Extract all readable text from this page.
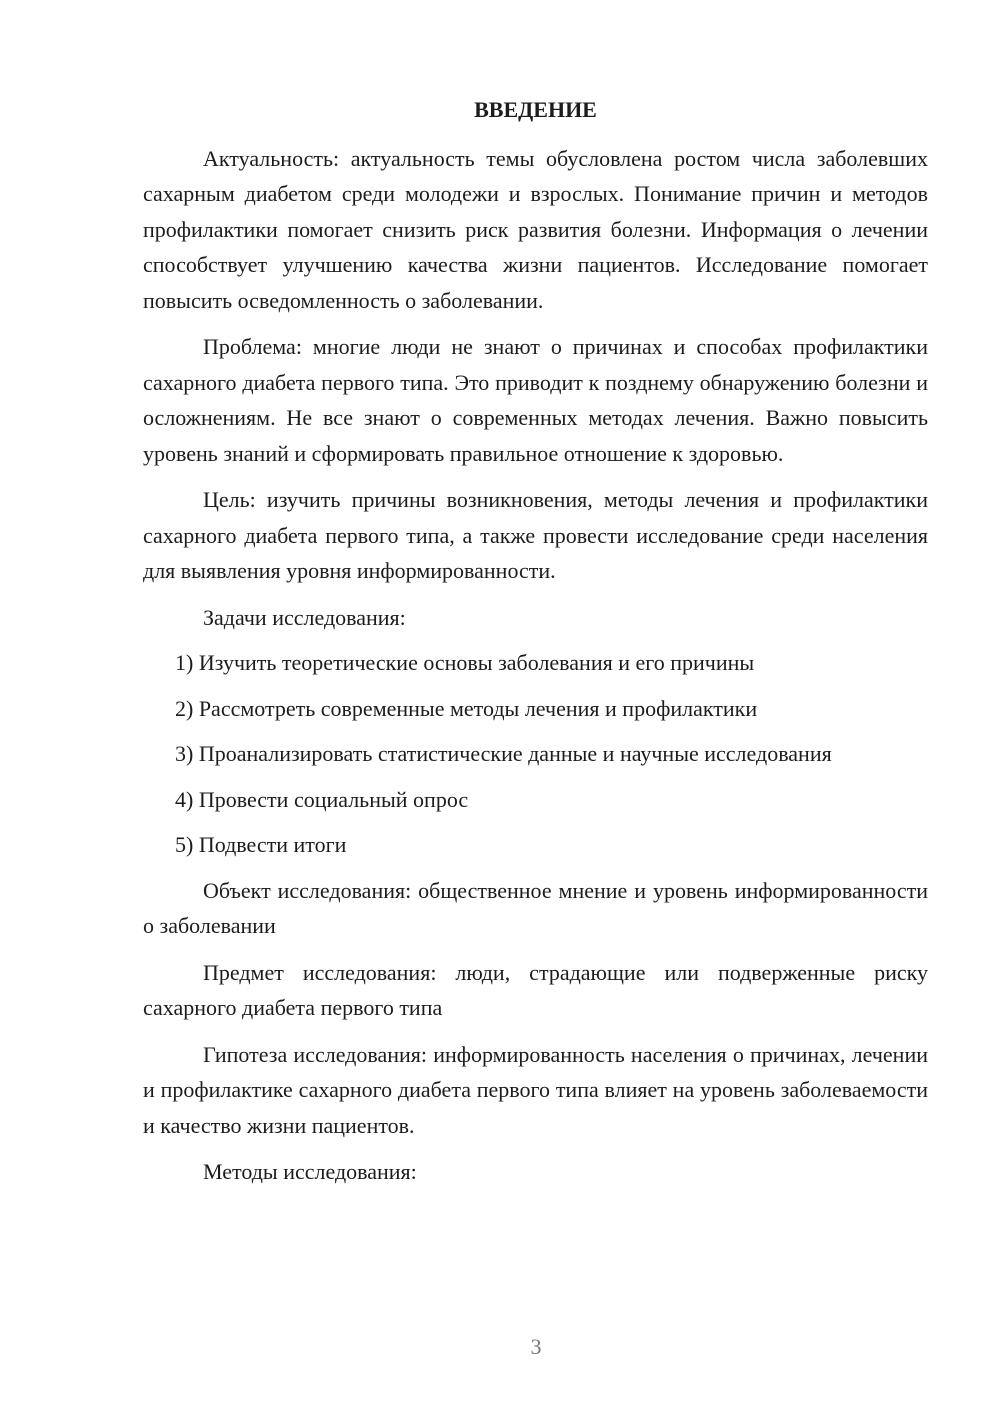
ВВЕДЕНИЕ

Актуальность: актуальность темы обусловлена ростом числа заболевших сахарным диабетом среди молодежи и взрослых. Понимание причин и методов профилактики помогает снизить риск развития болезни. Информация о лечении способствует улучшению качества жизни пациентов. Исследование помогает повысить осведомленность о заболевании.

Проблема: многие люди не знают о причинах и способах профилактики сахарного диабета первого типа. Это приводит к позднему обнаружению болезни и осложнениям. Не все знают о современных методах лечения. Важно повысить уровень знаний и сформировать правильное отношение к здоровью.

Цель: изучить причины возникновения, методы лечения и профилактики сахарного диабета первого типа, а также провести исследование среди населения для выявления уровня информированности.

Задачи исследования:

1) Изучить теоретические основы заболевания и его причины

2) Рассмотреть современные методы лечения и профилактики

3) Проанализировать статистические данные и научные исследования

4) Провести социальный опрос

5) Подвести итоги

Объект исследования: общественное мнение и уровень информированности о заболевании

Предмет исследования: люди, страдающие или подверженные риску сахарного диабета первого типа

Гипотеза исследования: информированность населения о причинах, лечении и профилактике сахарного диабета первого типа влияет на уровень заболеваемости и качество жизни пациентов.

Методы исследования:

3
